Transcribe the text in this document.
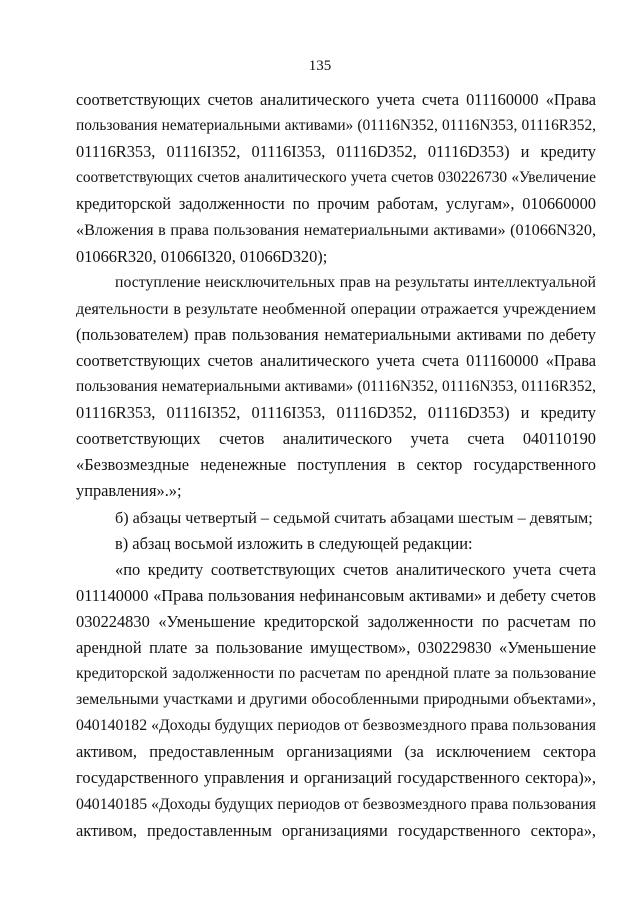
135
соответствующих счетов аналитического учета счета 011160000 «Права
пользования нематериальными активами» (01116N352, 01116N353, 01116R352,
01116R353, 01116I352, 01116I353, 01116D352, 01116D353) и кредиту
соответствующих счетов аналитического учета счетов 030226730 «Увеличение
кредиторской задолженности по прочим работам, услугам», 010660000
«Вложения в права пользования нематериальными активами» (01066N320,
01066R320, 01066I320, 01066D320);
поступление неисключительных прав на результаты интеллектуальной
деятельности в результате необменной операции отражается учреждением
(пользователем) прав пользования нематериальными активами по дебету
соответствующих счетов аналитического учета счета 011160000 «Права
пользования нематериальными активами» (01116N352, 01116N353, 01116R352,
01116R353, 01116I352, 01116I353, 01116D352, 01116D353) и кредиту
соответствующих счетов аналитического учета счета 040110190
«Безвозмездные неденежные поступления в сектор государственного
управления».»;
б) абзацы четвертый – седьмой считать абзацами шестым – девятым;
в) абзац восьмой изложить в следующей редакции:
«по кредиту соответствующих счетов аналитического учета счета
011140000 «Права пользования нефинансовым активами» и дебету счетов
030224830 «Уменьшение кредиторской задолженности по расчетам по
арендной плате за пользование имуществом», 030229830 «Уменьшение
кредиторской задолженности по расчетам по арендной плате за пользование
земельными участками и другими обособленными природными объектами»,
040140182 «Доходы будущих периодов от безвозмездного права пользования
активом, предоставленным организациями (за исключением сектора
государственного управления и организаций государственного сектора)»,
040140185 «Доходы будущих периодов от безвозмездного права пользования
активом, предоставленным организациями государственного сектора»,
